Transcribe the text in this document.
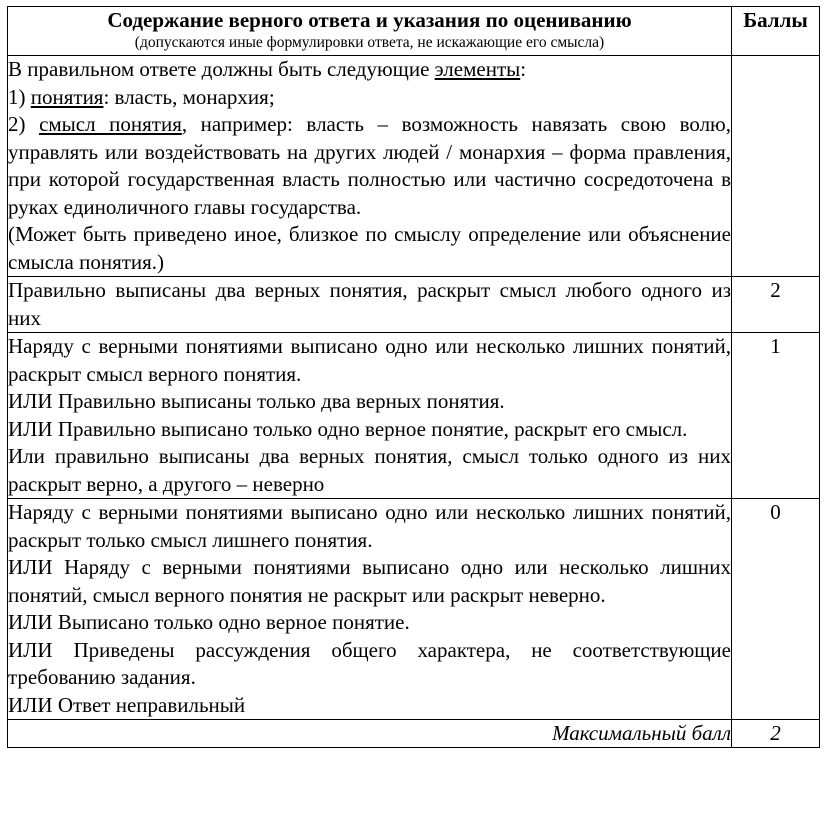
Содержание верного ответа и указания по оцениванию
(допускаются иные формулировки ответа, не искажающие его смысла)	Баллы

В правильном ответе должны быть следующие элементы:

1) понятия: власть, монархия;

2) смысл понятия, например: власть – возможность навязать свою волю, управлять или воздействовать на других людей / монархия – форма правления, при которой государственная власть полностью или частично сосредоточена в руках единоличного главы государства.

(Может быть приведено иное, близкое по смыслу определение или объяснение смысла понятия.)	

Правильно выписаны два верных понятия, раскрыт смысл любого одного из них	2

Наряду с верными понятиями выписано одно или несколько лишних понятий, раскрыт смысл верного понятия.

ИЛИ Правильно выписаны только два верных понятия.

ИЛИ Правильно выписано только одно верное понятие, раскрыт его смысл.

Или правильно выписаны два верных понятия, смысл только одного из них раскрыт верно, а другого – неверно	1

Наряду с верными понятиями выписано одно или несколько лишних понятий, раскрыт только смысл лишнего понятия.

ИЛИ Наряду с верными понятиями выписано одно или несколько лишних понятий, смысл верного понятия не раскрыт или раскрыт неверно.

ИЛИ Выписано только одно верное понятие.

ИЛИ Приведены рассуждения общего характера, не соответствующие требованию задания.

ИЛИ Ответ неправильный	0
Максимальный балл	2
